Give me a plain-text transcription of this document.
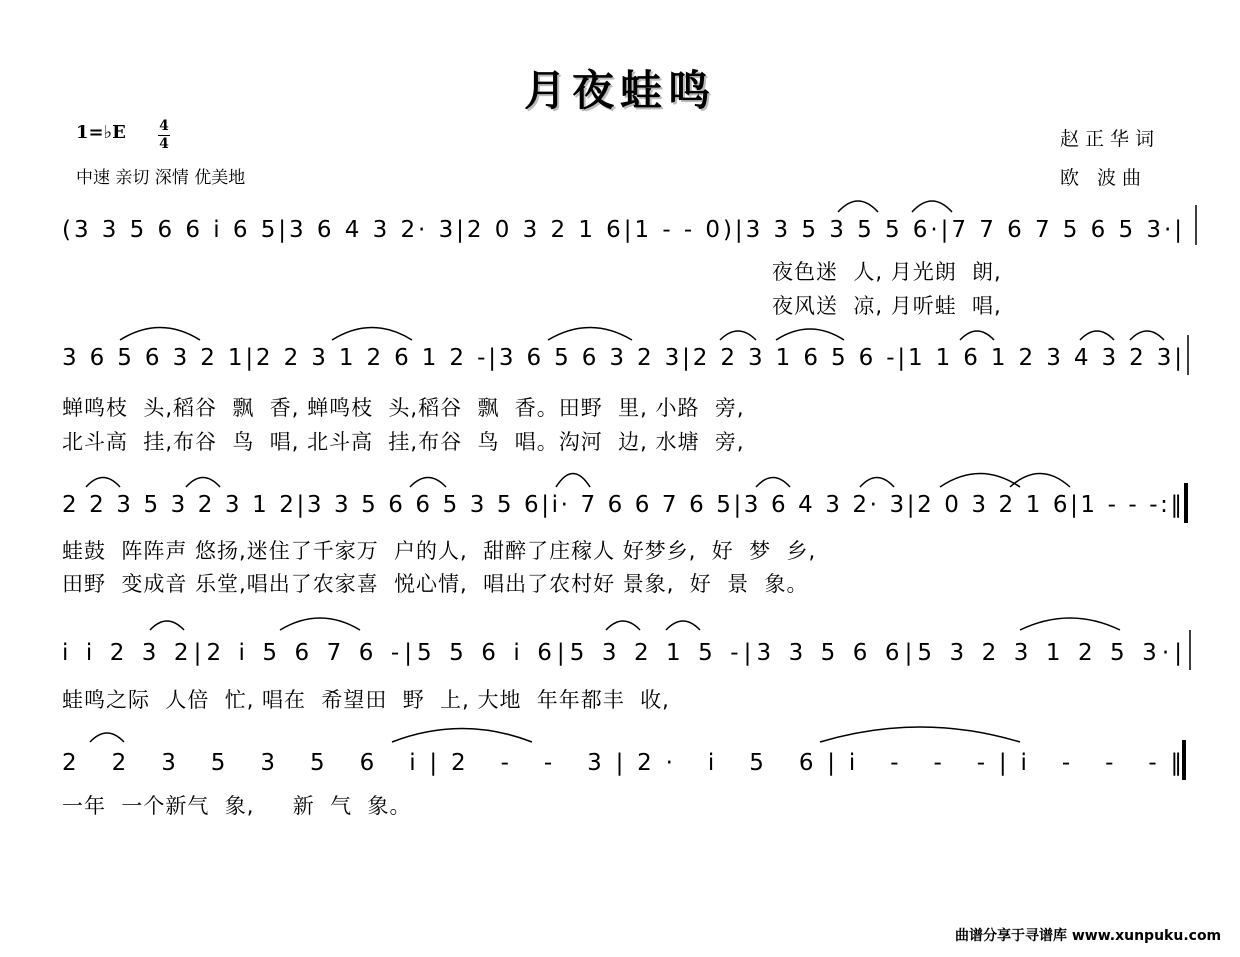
月夜蛙鸣
1=♭E 4
4
中速 亲切 深情 优美地
赵正华词
欧 波曲
(3 3 5 6 6 i 6 5|3 6 4 3 2· 3|2 0 3 2 1 6|1 - - 0)|3 3 5 3 5 5 6·|7 7 6 7 5 6 5 3·|
3 6 5 6 3 2 1|2 2 3 1 2 6 1 2 -|3 6 5 6 3 2 3|2 2 3 1 6 5 6 -|1 1 6 1 2 3 4 3 2 3|
2 2 3 5 3 2 3 1 2|3 3 5 6 6 5 3 5 6|i· 7 6 6 7 6 5|3 6 4 3 2· 3|2 0 3 2 1 6|1 - - -:‖
i i 2 3 2|2 i 5 6 7 6 -|5 5 6 i 6|5 3 2 1 5 -|3 3 5 6 6|5 3 2 3 1 2 5 3·|
2 2 3 5 3 5 6 i|2 - - 3|2· i 5 6|i - - -|i - - -‖
夜色迷  人, 月光朗  朗,
夜风送  凉, 月听蛙  唱,
蝉鸣枝  头,稻谷  飘  香, 蝉鸣枝  头,稻谷  飘  香。田野  里, 小路  旁,
北斗高  挂,布谷  鸟  唱, 北斗高  挂,布谷  鸟  唱。沟河  边, 水塘  旁,
蛙鼓  阵阵声 悠扬,迷住了千家万  户的人,  甜醉了庄稼人 好梦乡,  好  梦  乡,
田野  变成音 乐堂,唱出了农家喜  悦心情,  唱出了农村好 景象,  好  景  象。
蛙鸣之际  人倍  忙, 唱在  希望田  野  上, 大地  年年都丰  收,
一年  一个新气  象,     新  气  象。
曲谱分享于寻谱库 www.xunpuku.com
